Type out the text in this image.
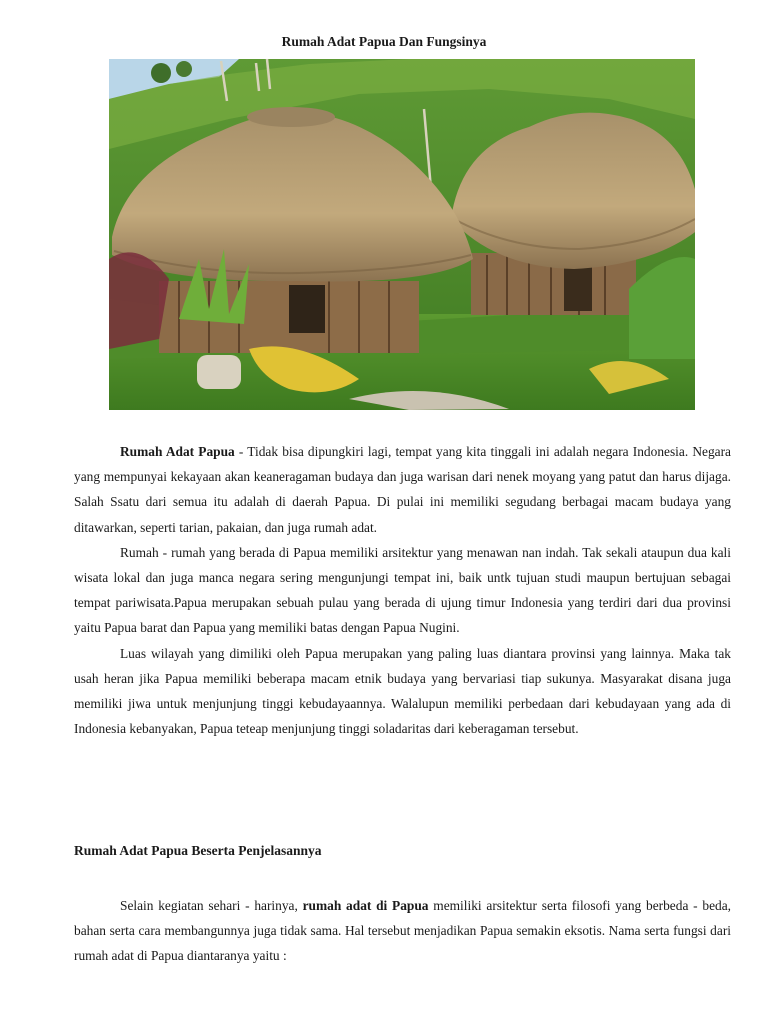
Rumah Adat Papua Dan Fungsinya

Rumah Adat Papua - Tidak bisa dipungkiri lagi, tempat yang kita tinggali ini adalah negara Indonesia. Negara yang mempunyai kekayaan akan keaneragaman budaya dan juga warisan dari nenek moyang yang patut dan harus dijaga. Salah Ssatu dari semua itu adalah di daerah Papua. Di pulai ini memiliki segudang berbagai macam budaya yang ditawarkan, seperti tarian, pakaian, dan juga rumah adat.

Rumah - rumah yang berada di Papua memiliki arsitektur yang menawan nan indah. Tak sekali ataupun dua kali wisata lokal dan juga manca negara sering mengunjungi tempat ini, baik untk tujuan studi maupun bertujuan sebagai tempat pariwisata.Papua merupakan sebuah pulau yang berada di ujung timur Indonesia yang terdiri dari dua provinsi yaitu Papua barat dan Papua yang memiliki batas dengan Papua Nugini.

Luas wilayah yang dimiliki oleh Papua merupakan yang paling luas diantara provinsi yang lainnya. Maka tak usah heran jika Papua memiliki beberapa macam etnik budaya yang bervariasi tiap sukunya. Masyarakat disana juga memiliki jiwa untuk menjunjung tinggi kebudayaannya. Walalupun memiliki perbedaan dari kebudayaan yang ada di Indonesia kebanyakan, Papua teteap menjunjung tinggi soladaritas dari keberagaman tersebut.

Rumah Adat Papua Beserta Penjelasannya

Selain kegiatan sehari - harinya, rumah adat di Papua memiliki arsitektur serta filosofi yang berbeda - beda, bahan serta cara membangunnya juga tidak sama. Hal tersebut menjadikan Papua semakin eksotis. Nama serta fungsi dari rumah adat di Papua diantaranya yaitu :
